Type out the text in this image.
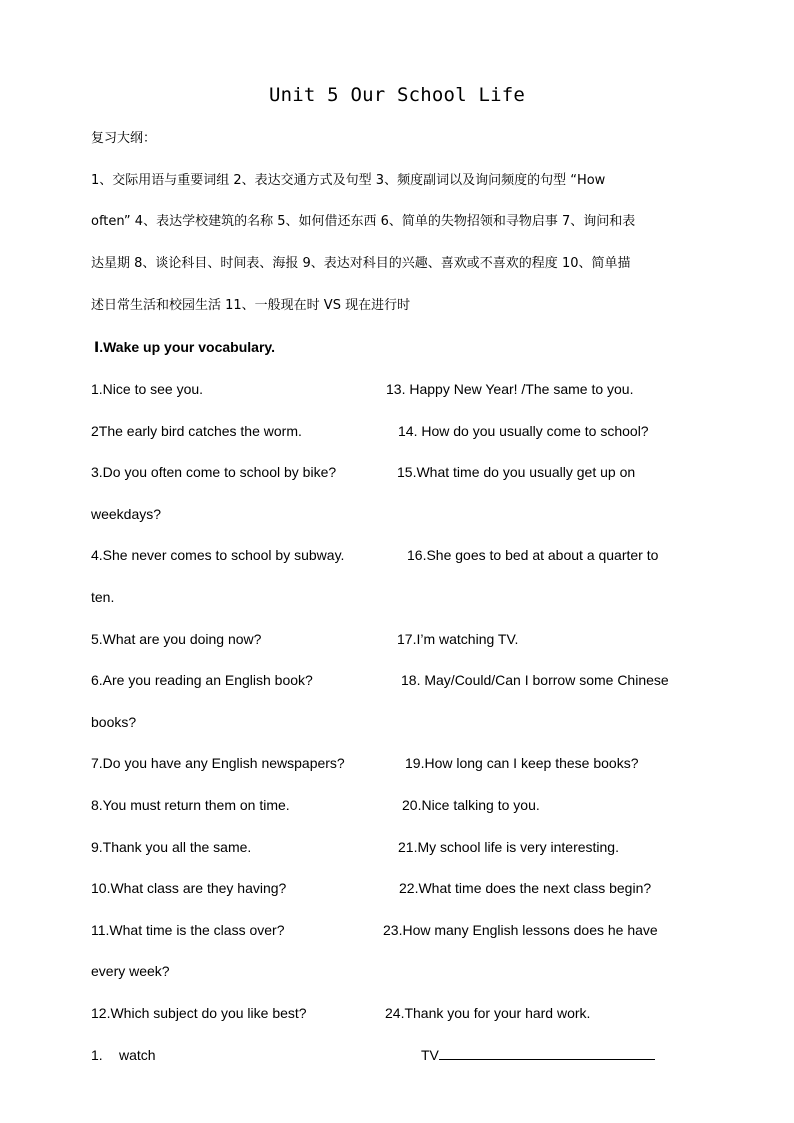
Unit 5 Our School Life
复习大纲：
1、交际用语与重要词组 2、表达交通方式及句型 3、频度副词以及询问频度的句型 “How
often” 4、表达学校建筑的名称 5、如何借还东西 6、简单的失物招领和寻物启事 7、询问和表
达星期 8、谈论科目、时间表、海报 9、表达对科目的兴趣、喜欢或不喜欢的程度 10、简单描
述日常生活和校园生活 11、一般现在时 VS 现在进行时
Ⅰ.Wake up your vocabulary.
1.Nice to see you.
2The early bird catches the worm.
3.Do you often come to school by bike?
weekdays?
4.She never comes to school by subway.
ten.
5.What are you doing now?
6.Are you reading an English book?
books?
7.Do you have any English newspapers?
8.You must return them on time.
9.Thank you all the same.
10.What class are they having?
11.What time is the class over?
every week?
12.Which subject do you like best?
13. Happy New Year! /The same to you.
14. How do you usually come to school?
15.What time do you usually get up on
16.She goes to bed at about a quarter to
17.I’m watching TV.
18. May/Could/Can I borrow some Chinese
19.How long can I keep these books?
20.Nice talking to you.
21.My school life is very interesting.
22.What time does the next class begin?
23.How many English lessons does he have
24.Thank you for your hard work.
1. watch	TV
